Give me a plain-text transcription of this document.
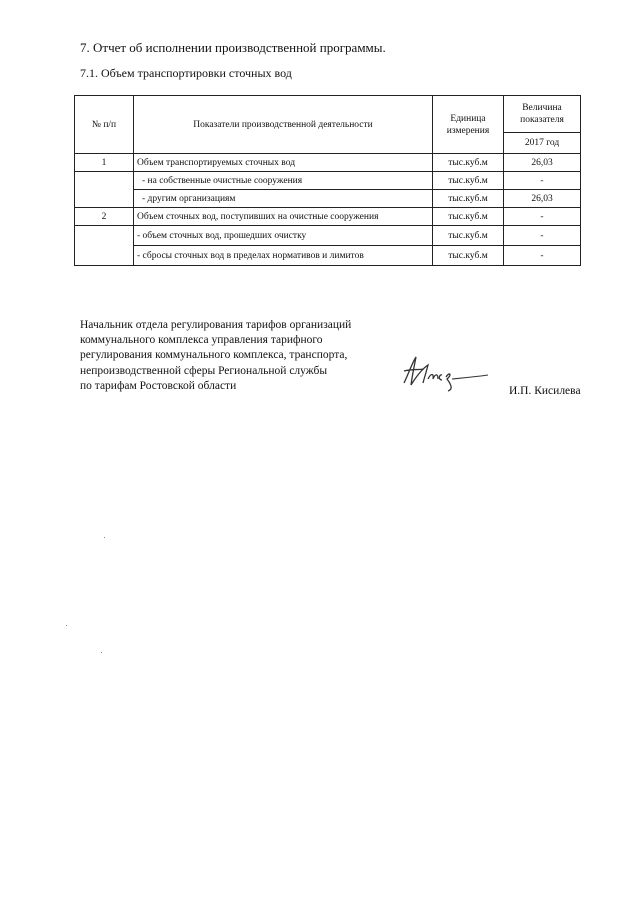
7. Отчет об исполнении производственной программы.
7.1. Объем транспортировки сточных вод
№ п/п	Показатели производственной деятельности	Единица измерения	Величина показателя
			2017 год
1	Объем транспортируемых сточных вод	тыс.куб.м	26,03
	- на собственные очистные сооружения	тыс.куб.м	-
	- другим организациям	тыс.куб.м	26,03
2	Объем сточных вод, поступивших на очистные сооружения	тыс.куб.м	-
	- объем сточных вод, прошедших очистку	тыс.куб.м	-
	- сбросы сточных вод в пределах нормативов и лимитов	тыс.куб.м	-
Начальник отдела регулирования тарифов организаций
коммунального комплекса управления тарифного
регулирования коммунального комплекса, транспорта,
непроизводственной сферы Региональной службы
по тарифам Ростовской области	И.П. Кисилева
